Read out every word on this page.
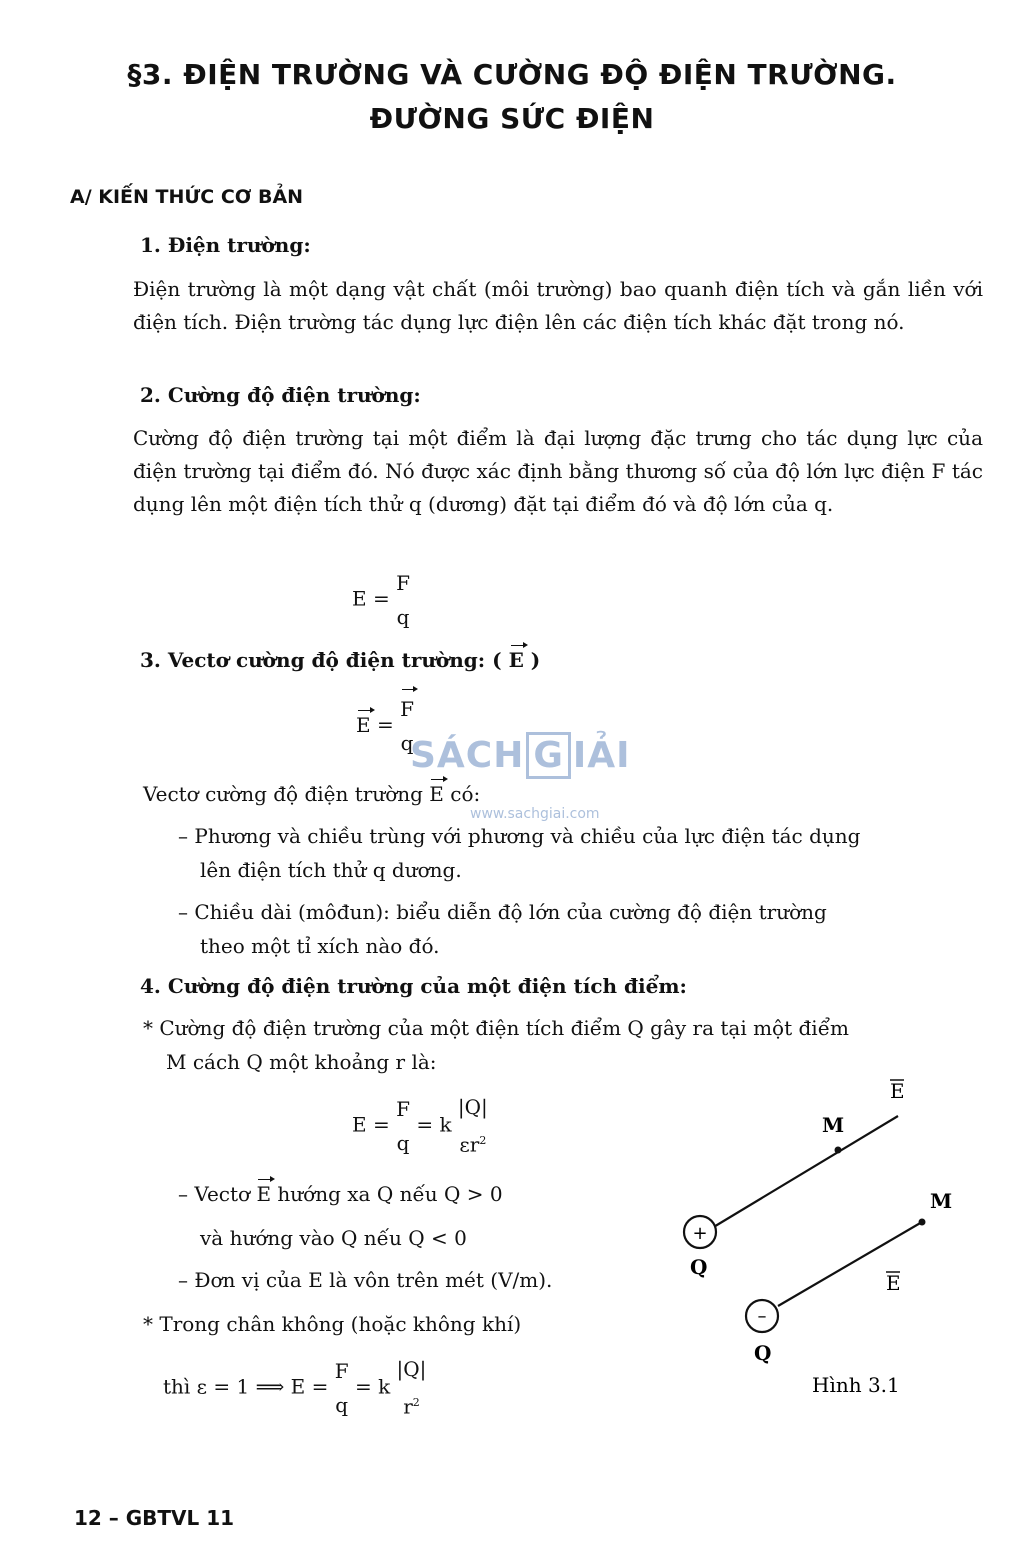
§3. ĐIỆN TRƯỜNG VÀ CƯỜNG ĐỘ ĐIỆN TRƯỜNG.
ĐƯỜNG SỨC ĐIỆN
A/ KIẾN THỨC CƠ BẢN
1. Điện trường:
Điện trường là một dạng vật chất (môi trường) bao quanh điện tích và gắn liền với điện tích. Điện trường tác dụng lực điện lên các điện tích khác đặt trong nó.
2. Cường độ điện trường:
Cường độ điện trường tại một điểm là đại lượng đặc trưng cho tác dụng lực của điện trường tại điểm đó. Nó được xác định bằng thương số của độ lớn lực điện F tác dụng lên một điện tích thử q (dương) đặt tại điểm đó và độ lớn của q.
E =
F
q
3. Vectơ cường độ điện trường: ( E )
E =
F
q
SÁCH G IẢI
www.sachgiai.com
Vectơ cường độ điện trường E có:
– Phương và chiều trùng với phương và chiều của lực điện tác dụng
lên điện tích thử q dương.
– Chiều dài (môđun): biểu diễn độ lớn của cường độ điện trường
theo một tỉ xích nào đó.
4. Cường độ điện trường của một điện tích điểm:
* Cường độ điện trường của một điện tích điểm Q gây ra tại một điểm
M cách Q một khoảng r là:
E =
F
q
= k
|Q|
$\varepsilon r^2$
– Vectơ E hướng xa Q nếu Q > 0
và hướng vào Q nếu Q < 0
– Đơn vị của E là vôn trên mét (V/m).
* Trong chân không (hoặc không khí)
thì ε = 1 ⟹ E =
F
q
= k
|Q|
$r^2$
+
Q
M
E
–
Q
M
E
Hình 3.1
12 – GBTVL 11
